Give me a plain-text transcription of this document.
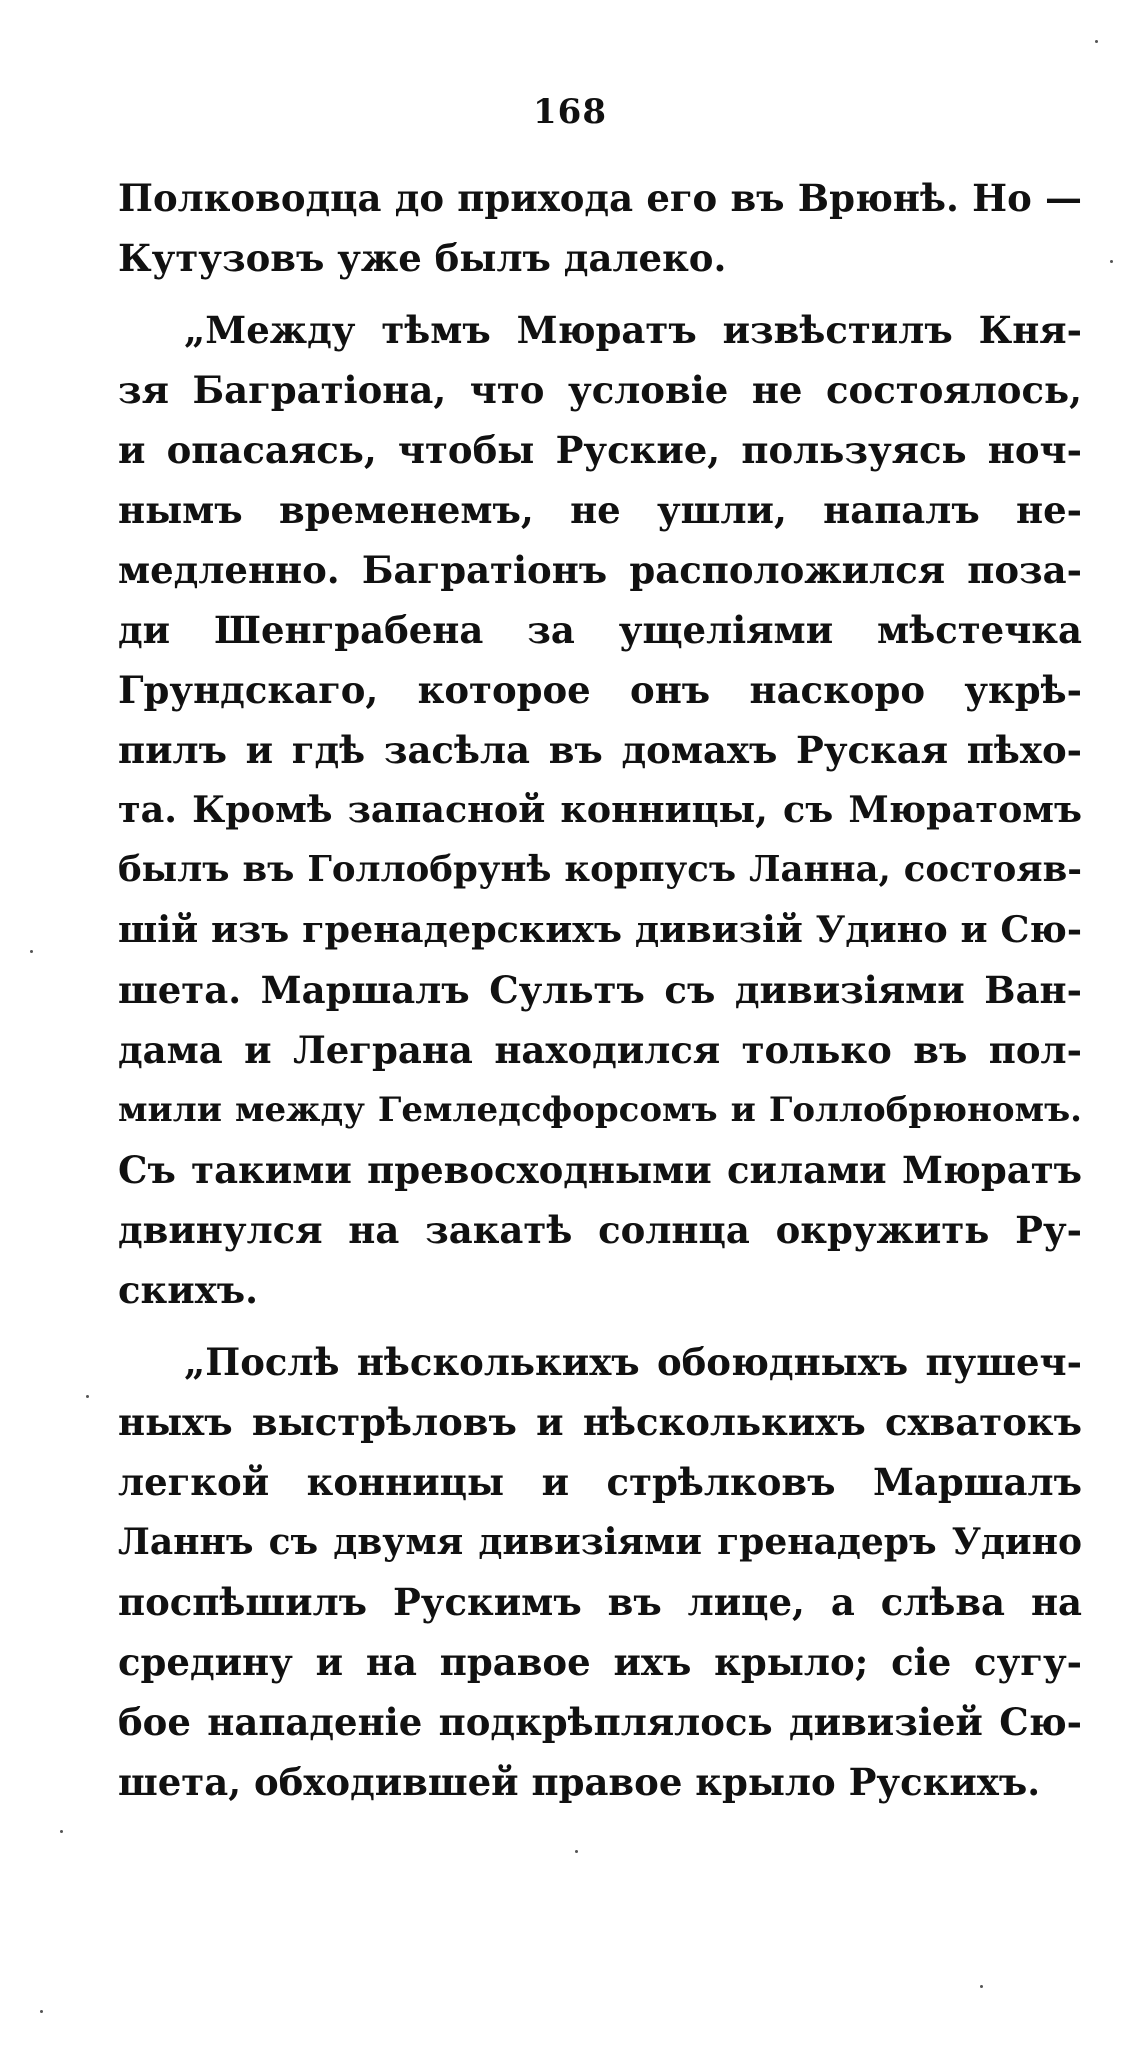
168
Полководца до прихода его въ Врюнѣ. Но —
Кутузовъ уже былъ далеко.
„Между тѣмъ Мюратъ извѣстилъ Кня-
зя Багратіона, что условіе не состоялось,
и опасаясь, чтобы Руские, пользуясь ноч-
нымъ временемъ, не ушли, напалъ не-
медленно. Багратіонъ расположился поза-
ди Шенграбена за ущеліями мѣстечка
Грундскаго, которое онъ наскоро укрѣ-
пилъ и гдѣ засѣла въ домахъ Руская пѣхо-
та. Кромѣ запасной конницы, съ Мюратомъ
былъ въ Голлобрунѣ корпусъ Ланна, состояв-
шій изъ гренадерскихъ дивизій Удино и Сю-
шета. Маршалъ Сультъ съ дивизіями Ван-
дама и Леграна находился только въ пол-
мили между Гемледсфорсомъ и Голлобрюномъ.
Съ такими превосходными силами Мюратъ
двинулся на закатѣ солнца окружить Ру-
скихъ.
„Послѣ нѣсколькихъ обоюдныхъ пушеч-
ныхъ выстрѣловъ и нѣсколькихъ схватокъ
легкой конницы и стрѣлковъ Маршалъ
Ланнъ съ двумя дивизіями гренадеръ Удино
поспѣшилъ Рускимъ въ лице, а слѣва на
средину и на правое ихъ крыло; сіе сугу-
бое нападеніе подкрѣплялось дивизіей Сю-
шета, обходившей правое крыло Рускихъ.
